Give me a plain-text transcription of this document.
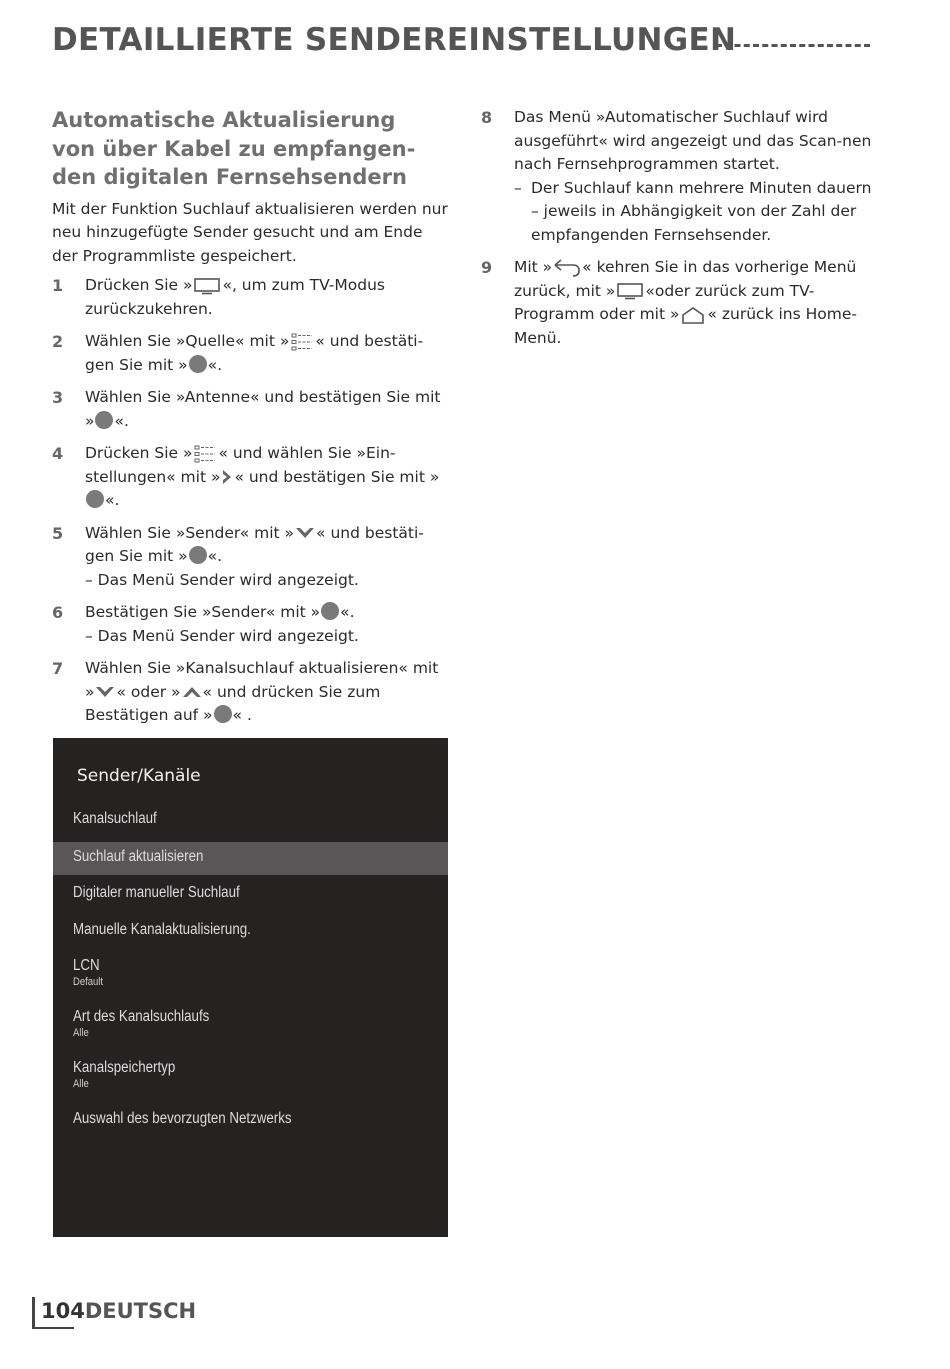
DETAILLIERTE SENDEREINSTELLUNGEN
Automatische Aktualisierung
von über Kabel zu empfangen-
den digitalen Fernsehsendern

Mit der Funktion Suchlauf aktualisieren werden nur neu hinzugefügte Sender gesucht und am Ende der Programmliste gespeichert.

1	Drücken Sie » «, um zum TV-Modus zurückzukehren.
2	Wählen Sie »Quelle« mit » « und bestäti-gen Sie mit » «.
3	Wählen Sie »Antenne« und bestätigen Sie mit » «.
4	Drücken Sie » « und wählen Sie »Ein-stellungen« mit » « und bestätigen Sie mit »«.
5	Wählen Sie »Sender« mit » « und bestäti-gen Sie mit » «.
– Das Menü Sender wird angezeigt.
6	Bestätigen Sie »Sender« mit » «.
– Das Menü Sender wird angezeigt.
7	Wählen Sie »Kanalsuchlauf aktualisieren« mit » « oder » « und drücken Sie zum Bestätigen auf » « .
8	Das Menü »Automatischer Suchlauf wird ausgeführt« wird angezeigt und das Scan-nen nach Fernsehprogrammen startet.
– Der Suchlauf kann mehrere Minuten dauern – jeweils in Abhängigkeit von der Zahl der empfangenden Fernsehsender.
9	Mit » « kehren Sie in das vorherige Menü zurück, mit » «oder zurück zum TV-Programm oder mit » « zurück ins Home-Menü.
Sender/Kanäle
Kanalsuchlauf
Suchlauf aktualisieren
Digitaler manueller Suchlauf
Manuelle Kanalaktualisierung.
LCN
Default
Art des Kanalsuchlaufs
Alle
Kanalspeichertyp
Alle
Auswahl des bevorzugten Netzwerks
104DEUTSCH
